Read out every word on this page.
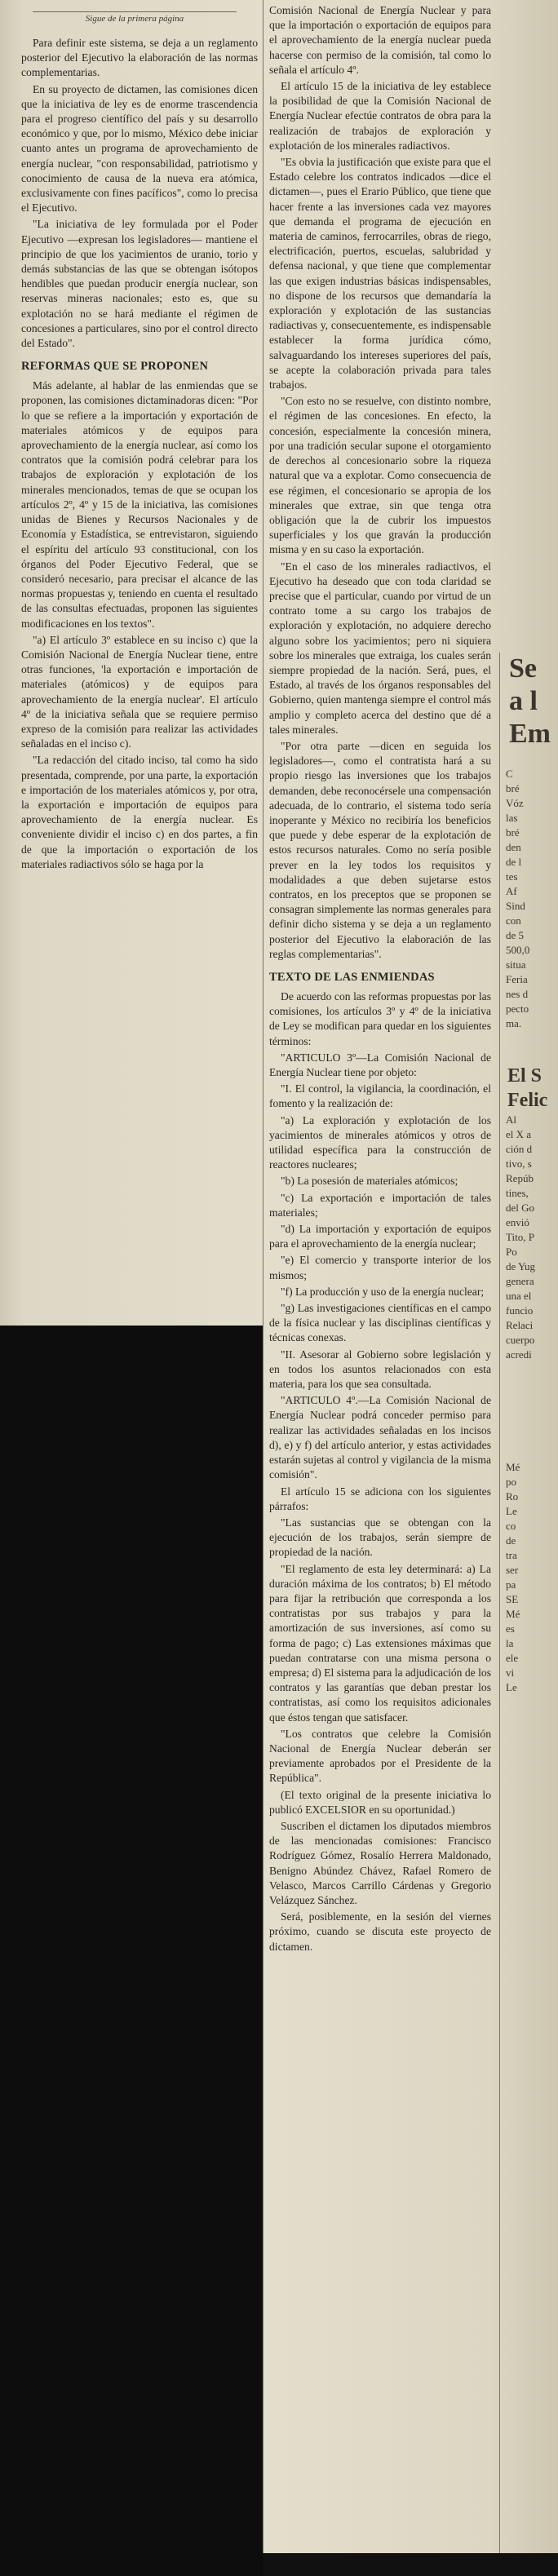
Sigue de la primera página

Para definir este sistema, se deja a un reglamento posterior del Ejecutivo la elaboración de las normas complementarias.

En su proyecto de dictamen, las comisiones dicen que la iniciativa de ley es de enorme trascendencia para el progreso científico del país y su desarrollo económico y que, por lo mismo, México debe iniciar cuanto antes un programa de aprovechamiento de energía nuclear, "con responsabilidad, patriotismo y conocimiento de causa de la nueva era atómica, exclusivamente con fines pacíficos", como lo precisa el Ejecutivo.

"La iniciativa de ley formulada por el Poder Ejecutivo —expresan los legisladores— mantiene el principio de que los yacimientos de uranio, torio y demás substancias de las que se obtengan isótopos hendibles que puedan producir energía nuclear, son reservas mineras nacionales; esto es, que su explotación no se hará mediante el régimen de concesiones a particulares, sino por el control directo del Estado".

REFORMAS QUE SE PROPONEN

Más adelante, al hablar de las enmiendas que se proponen, las comisiones dictaminadoras dicen: "Por lo que se refiere a la importación y exportación de materiales atómicos y de equipos para aprovechamiento de la energía nuclear, así como los contratos que la comisión podrá celebrar para los trabajos de exploración y explotación de los minerales mencionados, temas de que se ocupan los artículos 2º, 4º y 15 de la iniciativa, las comisiones unidas de Bienes y Recursos Nacionales y de Economía y Estadística, se entrevistaron, siguiendo el espíritu del artículo 93 constitucional, con los órganos del Poder Ejecutivo Federal, que se consideró necesario, para precisar el alcance de las normas propuestas y, teniendo en cuenta el resultado de las consultas efectuadas, proponen las siguientes modificaciones en los textos".

"a) El artículo 3º establece en su inciso c) que la Comisión Nacional de Energía Nuclear tiene, entre otras funciones, 'la exportación e importación de materiales (atómicos) y de equipos para aprovechamiento de la energía nuclear'. El artículo 4º de la iniciativa señala que se requiere permiso expreso de la comisión para realizar las actividades señaladas en el inciso c).

"La redacción del citado inciso, tal como ha sido presentada, comprende, por una parte, la exportación e importación de los materiales atómicos y, por otra, la exportación e importación de equipos para aprovechamiento de la energía nuclear. Es conveniente dividir el inciso c) en dos partes, a fin de que la importación o exportación de los materiales radiactivos sólo se haga por la

Comisión Nacional de Energía Nuclear y para que la importación o exportación de equipos para el aprovechamiento de la energía nuclear pueda hacerse con permiso de la comisión, tal como lo señala el artículo 4º.

El artículo 15 de la iniciativa de ley establece la posibilidad de que la Comisión Nacional de Energía Nuclear efectúe contratos de obra para la realización de trabajos de exploración y explotación de los minerales radiactivos.

"Es obvia la justificación que existe para que el Estado celebre los contratos indicados —dice el dictamen—, pues el Erario Público, que tiene que hacer frente a las inversiones cada vez mayores que demanda el programa de ejecución en materia de caminos, ferrocarriles, obras de riego, electrificación, puertos, escuelas, salubridad y defensa nacional, y que tiene que complementar las que exigen industrias básicas indispensables, no dispone de los recursos que demandaría la exploración y explotación de las sustancias radiactivas y, consecuentemente, es indispensable establecer la forma jurídica cómo, salvaguardando los intereses superiores del país, se acepte la colaboración privada para tales trabajos.

"Con esto no se resuelve, con distinto nombre, el régimen de las concesiones. En efecto, la concesión, especialmente la concesión minera, por una tradición secular supone el otorgamiento de derechos al concesionario sobre la riqueza natural que va a explotar. Como consecuencia de ese régimen, el concesionario se apropia de los minerales que extrae, sin que tenga otra obligación que la de cubrir los impuestos superficiales y los que graván la producción misma y en su caso la exportación.

"En el caso de los minerales radiactivos, el Ejecutivo ha deseado que con toda claridad se precise que el particular, cuando por virtud de un contrato tome a su cargo los trabajos de exploración y explotación, no adquiere derecho alguno sobre los yacimientos; pero ni siquiera sobre los minerales que extraiga, los cuales serán siempre propiedad de la nación. Será, pues, el Estado, al través de los órganos responsables del Gobierno, quien mantenga siempre el control más amplio y completo acerca del destino que dé a tales minerales.

"Por otra parte —dicen en seguida los legisladores—, como el contratista hará a su propio riesgo las inversiones que los trabajos demanden, debe reconocérsele una compensación adecuada, de lo contrario, el sistema todo sería inoperante y México no recibiría los beneficios que puede y debe esperar de la explotación de estos recursos naturales. Como no sería posible prever en la ley todos los requisitos y modalidades a que deben sujetarse estos contratos, en los preceptos que se proponen se consagran simplemente las normas generales para definir dicho sistema y se deja a un reglamento posterior del Ejecutivo la elaboración de las reglas complementarias".

TEXTO DE LAS ENMIENDAS

De acuerdo con las reformas propuestas por las comisiones, los artículos 3º y 4º de la iniciativa de Ley se modifican para quedar en los siguientes términos:

"ARTICULO 3º—La Comisión Nacional de Energía Nuclear tiene por objeto:

"I. El control, la vigilancia, la coordinación, el fomento y la realización de:

"a) La exploración y explotación de los yacimientos de minerales atómicos y otros de utilidad específica para la construcción de reactores nucleares;

"b) La posesión de materiales atómicos;

"c) La exportación e importación de tales materiales;

"d) La importación y exportación de equipos para el aprovechamiento de la energía nuclear;

"e) El comercio y transporte interior de los mismos;

"f) La producción y uso de la energía nuclear;

"g) Las investigaciones científicas en el campo de la física nuclear y las disciplinas científicas y técnicas conexas.

"II. Asesorar al Gobierno sobre legislación y en todos los asuntos relacionados con esta materia, para los que sea consultada.

"ARTICULO 4º.—La Comisión Nacional de Energía Nuclear podrá conceder permiso para realizar las actividades señaladas en los incisos d), e) y f) del artículo anterior, y estas actividades estarán sujetas al control y vigilancia de la misma comisión".

El artículo 15 se adiciona con los siguientes párrafos:

"Las sustancias que se obtengan con la ejecución de los trabajos, serán siempre de propiedad de la nación.

"El reglamento de esta ley determinará: a) La duración máxima de los contratos; b) El método para fijar la retribución que corresponda a los contratistas por sus trabajos y para la amortización de sus inversiones, así como su forma de pago; c) Las extensiones máximas que puedan contratarse con una misma persona o empresa; d) El sistema para la adjudicación de los contratos y las garantías que deban prestar los contratistas, así como los requisitos adicionales que éstos tengan que satisfacer.

"Los contratos que celebre la Comisión Nacional de Energía Nuclear deberán ser previamente aprobados por el Presidente de la República".

(El texto original de la presente iniciativa lo publicó EXCELSIOR en su oportunidad.)

Suscriben el dictamen los diputados miembros de las mencionadas comisiones: Francisco Rodríguez Gómez, Rosalío Herrera Maldonado, Benigno Abúndez Chávez, Rafael Romero de Velasco, Marcos Carrillo Cárdenas y Gregorio Velázquez Sánchez.

Será, posiblemente, en la sesión del viernes próximo, cuando se discuta este proyecto de dictamen.

Se
a l
Em
C
bré
Vóz
las
bré
den
de l
tes
Af
Sind
con
de 5
500,0
situa
Feria
nes d
pecto
ma.
El S
Felic
Al
el X a
ción d
tivo, s
Repúb
tines,
del Go
envió
Tito, P
Po
de Yug
genera
una el
funcio
Relaci
cuerpo
acredi
Mé
po
Ro
Le
co
de
tra
ser
pa
SE
Mé
es
la
ele
vi
Le
